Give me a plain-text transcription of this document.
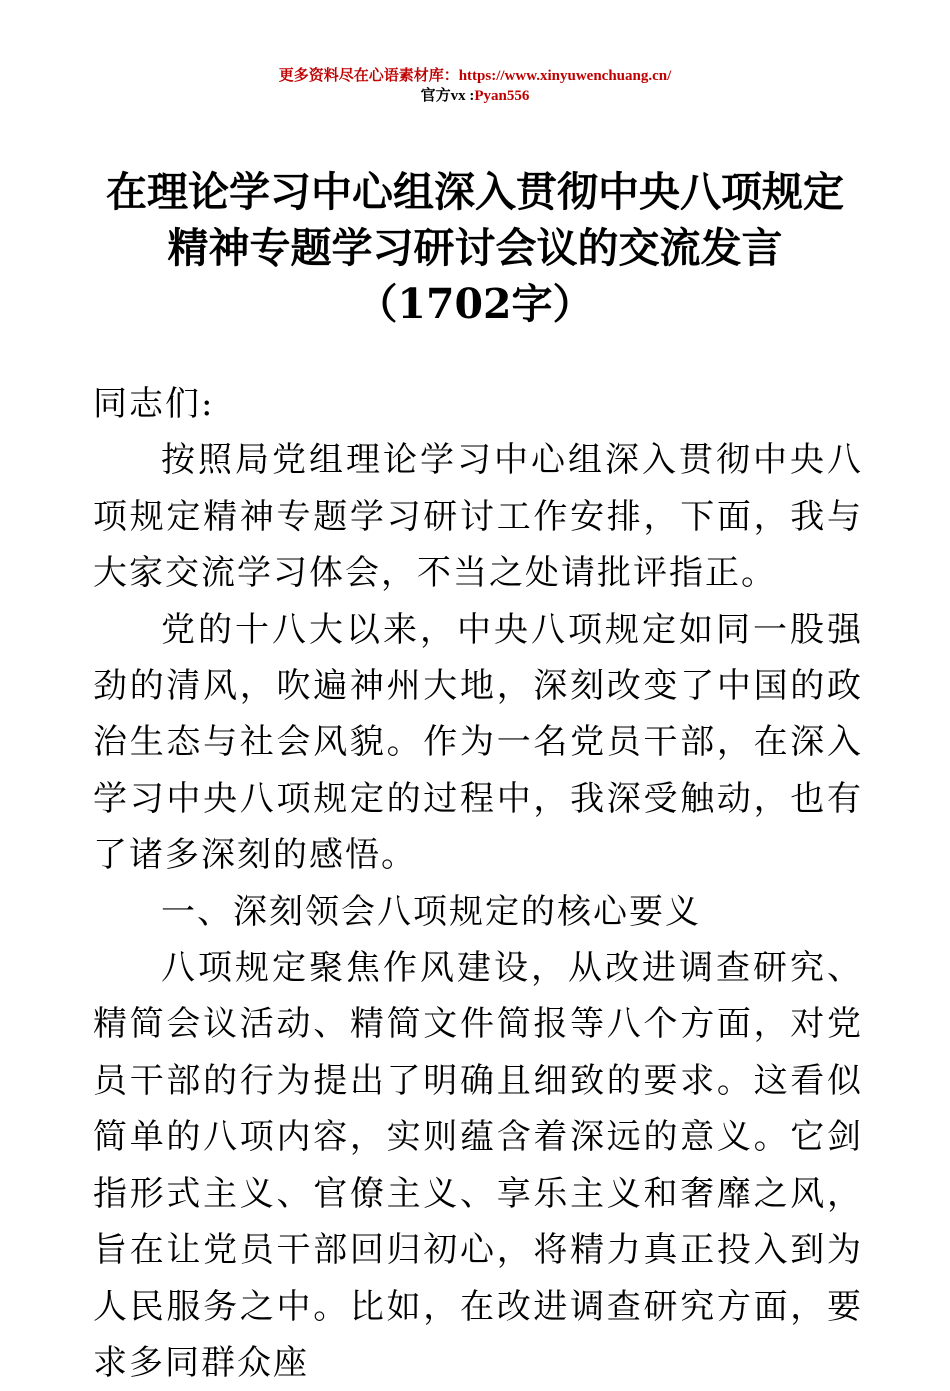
更多资料尽在心语素材库：https://www.xinyuwenchuang.cn/
官方vx :Pyan556
在理论学习中心组深入贯彻中央八项规定精神专题学习研讨会议的交流发言（1702字）

同志们:

按照局党组理论学习中心组深入贯彻中央八项规定精神专题学习研讨工作安排，下面，我与大家交流学习体会，不当之处请批评指正。

党的十八大以来，中央八项规定如同一股强劲的清风，吹遍神州大地，深刻改变了中国的政治生态与社会风貌。作为一名党员干部，在深入学习中央八项规定的过程中，我深受触动，也有了诸多深刻的感悟。

一、深刻领会八项规定的核心要义

八项规定聚焦作风建设，从改进调查研究、精简会议活动、精简文件简报等八个方面，对党员干部的行为提出了明确且细致的要求。这看似简单的八项内容，实则蕴含着深远的意义。它剑指形式主义、官僚主义、享乐主义和奢靡之风，旨在让党员干部回归初心，将精力真正投入到为人民服务之中。比如，在改进调查研究方面，要求多同群众座
